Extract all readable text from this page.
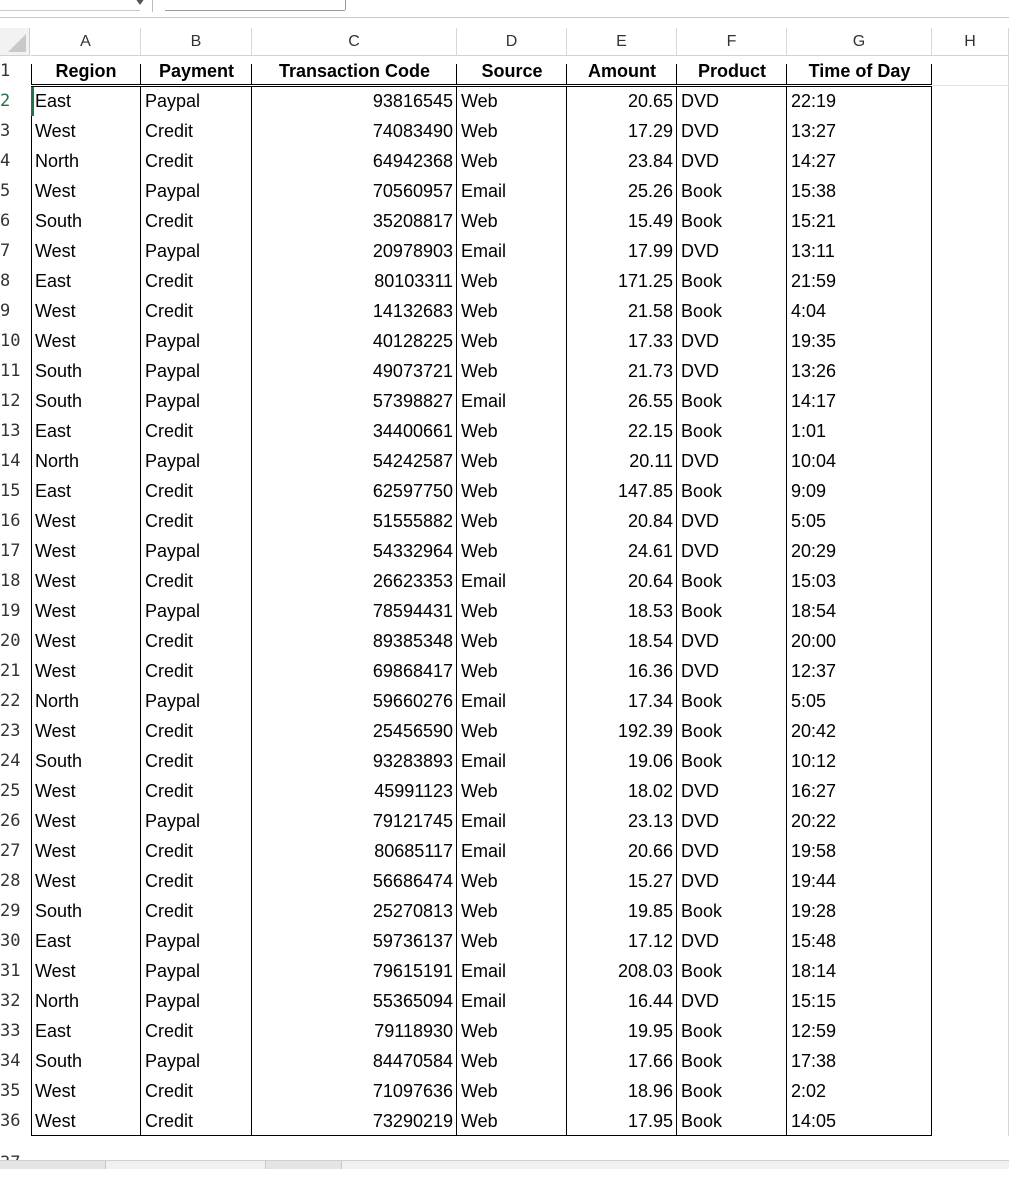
A	B	C	D	E	F	G	H
1	Region	Payment	Transaction Code	Source	Amount	Product	Time of Day
2	East	Paypal	93816545 Web	20.65 DVD	22:19
3	West	Credit	74083490 Web	17.29 DVD	13:27
4	North	Credit	64942368 Web	23.84 DVD	14:27
5	West	Paypal	70560957 Email	25.26 Book	15:38
6	South	Credit	35208817 Web	15.49 Book	15:21
7	West	Paypal	20978903 Email	17.99 DVD	13:11
8	East	Credit	80103311 Web	171.25 Book	21:59
9	West	Credit	14132683 Web	21.58 Book	4:04
10 West	Paypal	40128225 Web	17.33 DVD	19:35
11 South	Paypal	49073721 Web	21.73 DVD	13:26
12 South	Paypal	57398827 Email	26.55 Book	14:17
13 East	Credit	34400661 Web	22.15 Book	1:01
14 North	Paypal	54242587 Web	20.11 DVD	10:04
15 East	Credit	62597750 Web	147.85 Book	9:09
16 West	Credit	51555882 Web	20.84 DVD	5:05
17 West	Paypal	54332964 Web	24.61 DVD	20:29
18 West	Credit	26623353 Email	20.64 Book	15:03
19 West	Paypal	78594431 Web	18.53 Book	18:54
20 West	Credit	89385348 Web	18.54 DVD	20:00
21 West	Credit	69868417 Web	16.36 DVD	12:37
22 North	Paypal	59660276 Email	17.34 Book	5:05
23 West	Credit	25456590 Web	192.39 Book	20:42
24 South	Credit	93283893 Email	19.06 Book	10:12
25 West	Credit	45991123 Web	18.02 DVD	16:27
26 West	Paypal	79121745 Email	23.13 DVD	20:22
27 West	Credit	80685117 Email	20.66 DVD	19:58
28 West	Credit	56686474 Web	15.27 DVD	19:44
29 South	Credit	25270813 Web	19.85 Book	19:28
30 East	Paypal	59736137 Web	17.12 DVD	15:48
31 West	Paypal	79615191 Email	208.03 Book	18:14
32 North	Paypal	55365094 Email	16.44 DVD	15:15
33 East	Credit	79118930 Web	19.95 Book	12:59
34 South	Paypal	84470584 Web	17.66 Book	17:38
35 West	Credit	71097636 Web	18.96 Book	2:02
36 West	Credit	73290219 Web	17.95 Book	14:05
